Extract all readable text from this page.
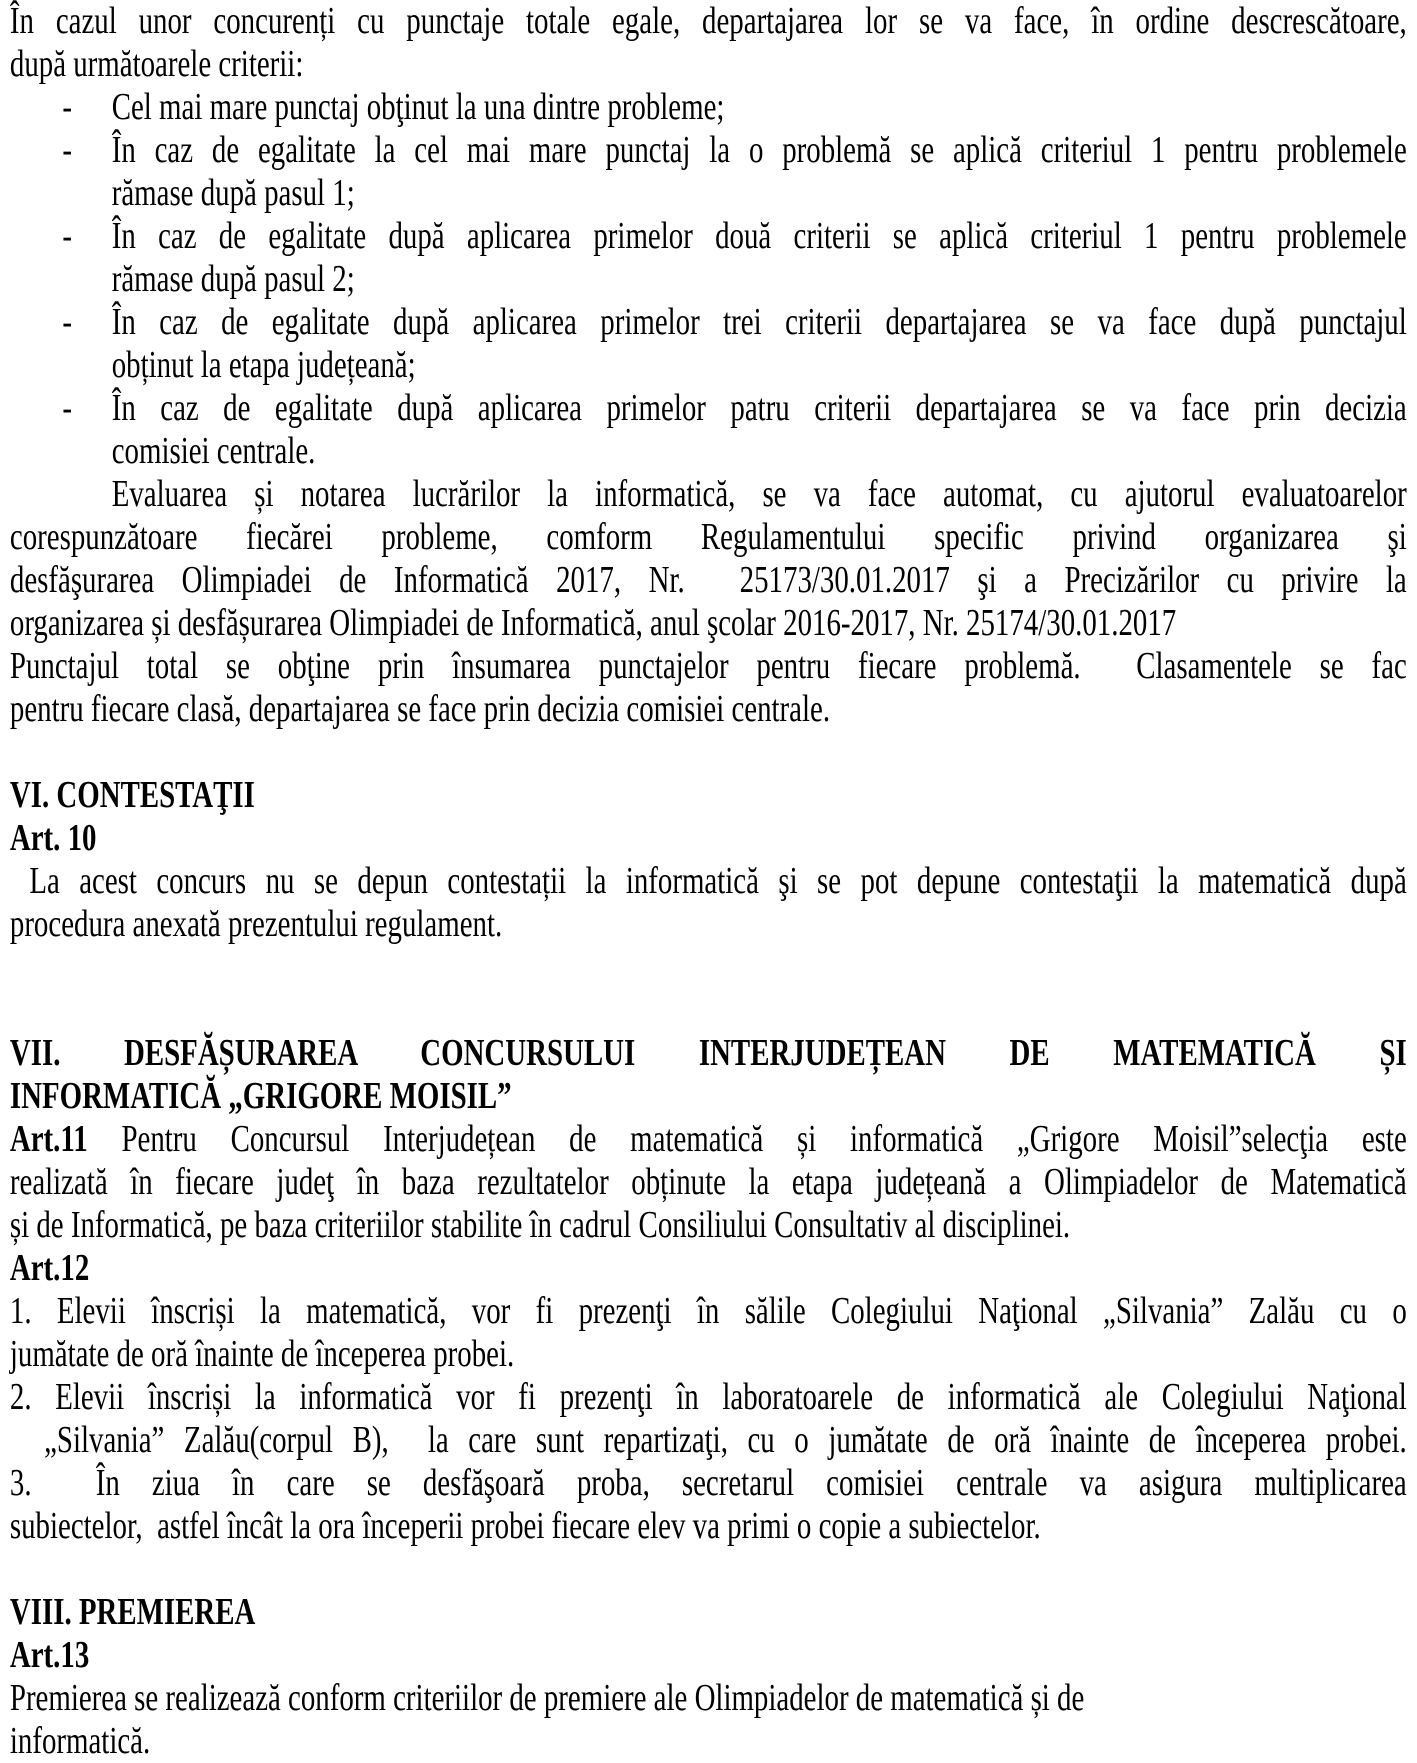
În cazul unor concurenți cu punctaje totale egale, departajarea lor se va face, în ordine descrescătoare,
după următoarele criterii:
- Cel mai mare punctaj obţinut la una dintre probleme;
- În caz de egalitate la cel mai mare punctaj la o problemă se aplică criteriul 1 pentru problemele
rămase după pasul 1;
- În caz de egalitate după aplicarea primelor două criterii se aplică criteriul 1 pentru problemele
rămase după pasul 2;
- În caz de egalitate după aplicarea primelor trei criterii departajarea se va face după punctajul
obținut la etapa județeană;
- În caz de egalitate după aplicarea primelor patru criterii departajarea se va face prin decizia
comisiei centrale.
Evaluarea și notarea lucrărilor la informatică, se va face automat, cu ajutorul evaluatoarelor
corespunzătoare fiecărei probleme, comform Regulamentului specific privind organizarea şi
desfăşurarea Olimpiadei de Informatică 2017, Nr.  25173/30.01.2017 şi a Precizărilor cu privire la
organizarea și desfășurarea Olimpiadei de Informatică, anul şcolar 2016-2017, Nr. 25174/30.01.2017
Punctajul total se obţine prin însumarea punctajelor pentru fiecare problemă.  Clasamentele se fac
pentru fiecare clasă, departajarea se face prin decizia comisiei centrale.
VI. CONTESTAŢII
Art. 10
La acest concurs nu se depun contestații la informatică şi se pot depune contestaţii la matematică după
procedura anexată prezentului regulament.
VII. DESFĂȘURAREA CONCURSULUI INTERJUDEȚEAN DE MATEMATICĂ ȘI
INFORMATICĂ „GRIGORE MOISIL”
Art.11 Pentru Concursul Interjudețean de matematică și informatică „Grigore Moisil”selecţia este
realizată în fiecare judeţ în baza rezultatelor obținute la etapa județeană a Olimpiadelor de Matematică
și de Informatică, pe baza criteriilor stabilite în cadrul Consiliului Consultativ al disciplinei.
Art.12
1. Elevii înscriși la matematică, vor fi prezenţi în sălile Colegiului Naţional „Silvania” Zalău cu o
jumătate de oră înainte de începerea probei.
2. Elevii înscriși la informatică vor fi prezenţi în laboratoarele de informatică ale Colegiului Naţional
„Silvania” Zalău(corpul B),  la care sunt repartizaţi, cu o jumătate de oră înainte de începerea probei.
3.  În ziua în care se desfăşoară proba, secretarul comisiei centrale va asigura multiplicarea
subiectelor,  astfel încât la ora începerii probei fiecare elev va primi o copie a subiectelor.
VIII. PREMIEREA
Art.13
Premierea se realizează conform criteriilor de premiere ale Olimpiadelor de matematică și de
informatică.
